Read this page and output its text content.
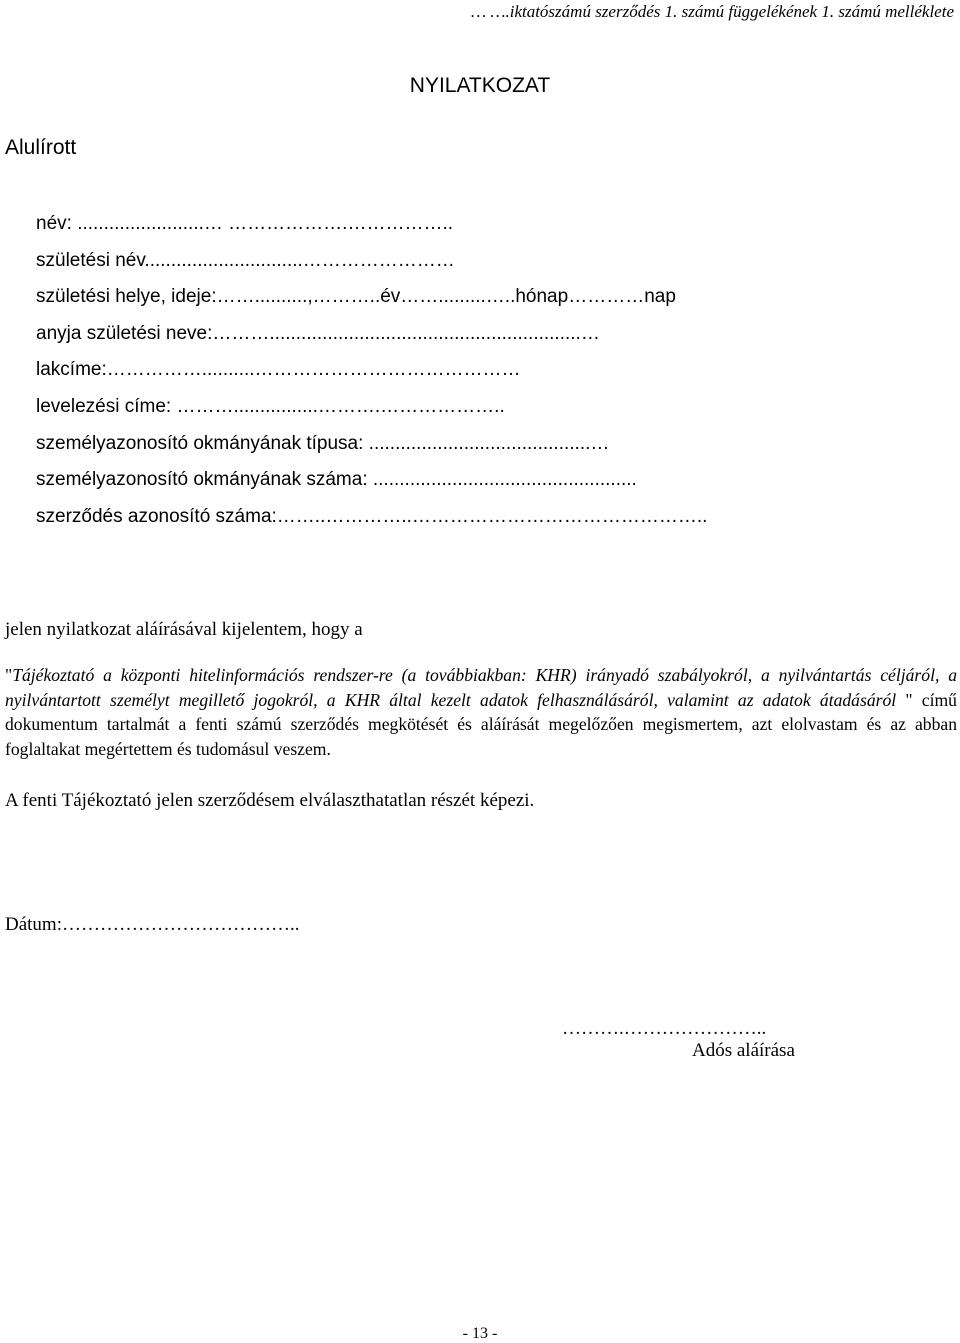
… ….iktatószámú szerződés 1. számú függelékének 1. számú melléklete
NYILATKOZAT
Alulírott
név: ........................… ……………….……………..
születési név..............................……………………
születési helye, ideje:……..........,………..év…….........…..hónap…………nap
anyja születési neve:………...........................................................…
lakcíme:……………..........……………………………………
levelezési címe: ………................……….………………..
személyazonosító okmányának típusa: ..........................................…
személyazonosító okmányának száma: ..................................................
szerződés azonosító száma:……..…………..………………………………………..
jelen nyilatkozat aláírásával kijelentem, hogy a
"Tájékoztató a központi hitelinformációs rendszer-re (a továbbiakban: KHR) irányadó szabályokról, a nyilvántartás céljáról, a nyilvántartott személyt megillető jogokról, a KHR által kezelt adatok felhasználásáról, valamint az adatok átadásáról " című dokumentum tartalmát a fenti számú szerződés megkötését és aláírását megelőzően megismertem, azt elolvastam és az abban foglaltakat megértettem és tudomásul veszem.
A fenti Tájékoztató jelen szerződésem elválaszthatatlan részét képezi.
Dátum:………………………………..
……….…………………..
Adós aláírása
- 13 -
